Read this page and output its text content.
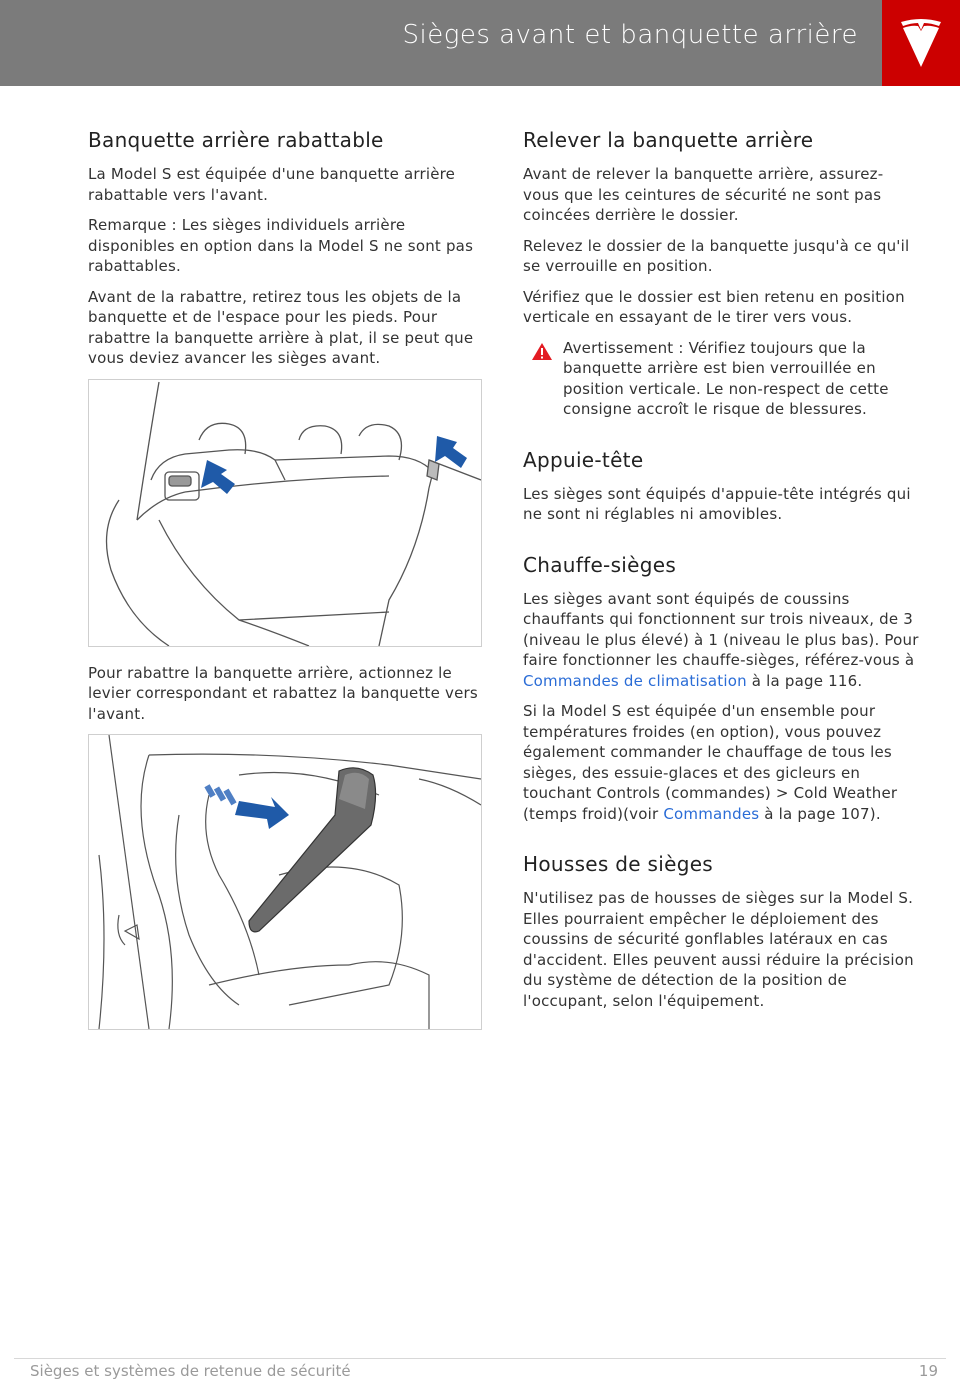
Sièges avant et banquette arrière
Banquette arrière rabattable

La Model S est équipée d'une banquette arrière rabattable vers l'avant.

Remarque : Les sièges individuels arrière disponibles en option dans la Model S ne sont pas rabattables.

Avant de la rabattre, retirez tous les objets de la banquette et de l'espace pour les pieds. Pour rabattre la banquette arrière à plat, il se peut que vous deviez avancer les sièges avant.

Pour rabattre la banquette arrière, actionnez le levier correspondant et rabattez la banquette vers l'avant.

Relever la banquette arrière

Avant de relever la banquette arrière, assurez-vous que les ceintures de sécurité ne sont pas coincées derrière le dossier.

Relevez le dossier de la banquette jusqu'à ce qu'il se verrouille en position.

Vérifiez que le dossier est bien retenu en position verticale en essayant de le tirer vers vous.

Avertissement : Vérifiez toujours que la banquette arrière est bien verrouillée en position verticale. Le non-respect de cette consigne accroît le risque de blessures.

Appuie-tête

Les sièges sont équipés d'appuie-tête intégrés qui ne sont ni réglables ni amovibles.

Chauffe-sièges

Les sièges avant sont équipés de coussins chauffants qui fonctionnent sur trois niveaux, de 3 (niveau le plus élevé) à 1 (niveau le plus bas). Pour faire fonctionner les chauffe-sièges, référez-vous à Commandes de climatisation à la page 116.

Si la Model S est équipée d'un ensemble pour températures froides (en option), vous pouvez également commander le chauffage de tous les sièges, des essuie-glaces et des gicleurs en touchant Controls (commandes) > Cold Weather (temps froid)(voir Commandes à la page 107).

Housses de sièges

N'utilisez pas de housses de sièges sur la Model S. Elles pourraient empêcher le déploiement des coussins de sécurité gonflables latéraux en cas d'accident. Elles peuvent aussi réduire la précision du système de détection de la position de l'occupant, selon l'équipement.

Sièges et systèmes de retenue de sécurité	19
